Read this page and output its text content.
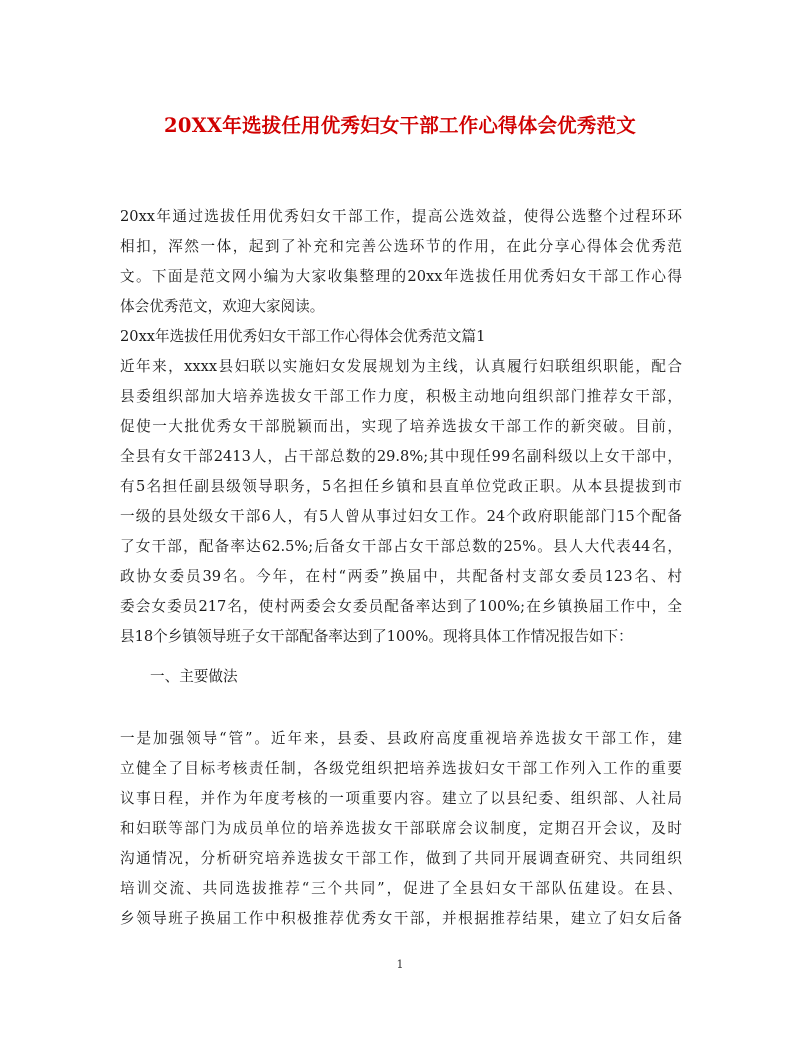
20XX年选拔任用优秀妇女干部工作心得体会优秀范文
20xx年通过选拔任用优秀妇女干部工作，提高公选效益，使得公选整个过程环环
相扣，浑然一体，起到了补充和完善公选环节的作用，在此分享心得体会优秀范
文。下面是范文网小编为大家收集整理的20xx年选拔任用优秀妇女干部工作心得
体会优秀范文，欢迎大家阅读。
20xx年选拔任用优秀妇女干部工作心得体会优秀范文篇1
近年来，xxxx县妇联以实施妇女发展规划为主线，认真履行妇联组织职能，配合
县委组织部加大培养选拔女干部工作力度，积极主动地向组织部门推荐女干部，
促使一大批优秀女干部脱颖而出，实现了培养选拔女干部工作的新突破。目前，
全县有女干部2413人，占干部总数的29.8%;其中现任99名副科级以上女干部中，
有5名担任副县级领导职务，5名担任乡镇和县直单位党政正职。从本县提拔到市
一级的县处级女干部6人，有5人曾从事过妇女工作。24个政府职能部门15个配备
了女干部，配备率达62.5%;后备女干部占女干部总数的25%。县人大代表44名，
政协女委员39名。今年，在村“两委”换届中，共配备村支部女委员123名、村
委会女委员217名，使村两委会女委员配备率达到了100%;在乡镇换届工作中，全
县18个乡镇领导班子女干部配备率达到了100%。现将具体工作情况报告如下：
一、主要做法
一是加强领导“管”。近年来，县委、县政府高度重视培养选拔女干部工作，建
立健全了目标考核责任制，各级党组织把培养选拔妇女干部工作列入工作的重要
议事日程，并作为年度考核的一项重要内容。建立了以县纪委、组织部、人社局
和妇联等部门为成员单位的培养选拔女干部联席会议制度，定期召开会议，及时
沟通情况，分析研究培养选拔女干部工作，做到了共同开展调查研究、共同组织
培训交流、共同选拔推荐“三个共同”，促进了全县妇女干部队伍建设。在县、
乡领导班子换届工作中积极推荐优秀女干部，并根据推荐结果，建立了妇女后备
1
